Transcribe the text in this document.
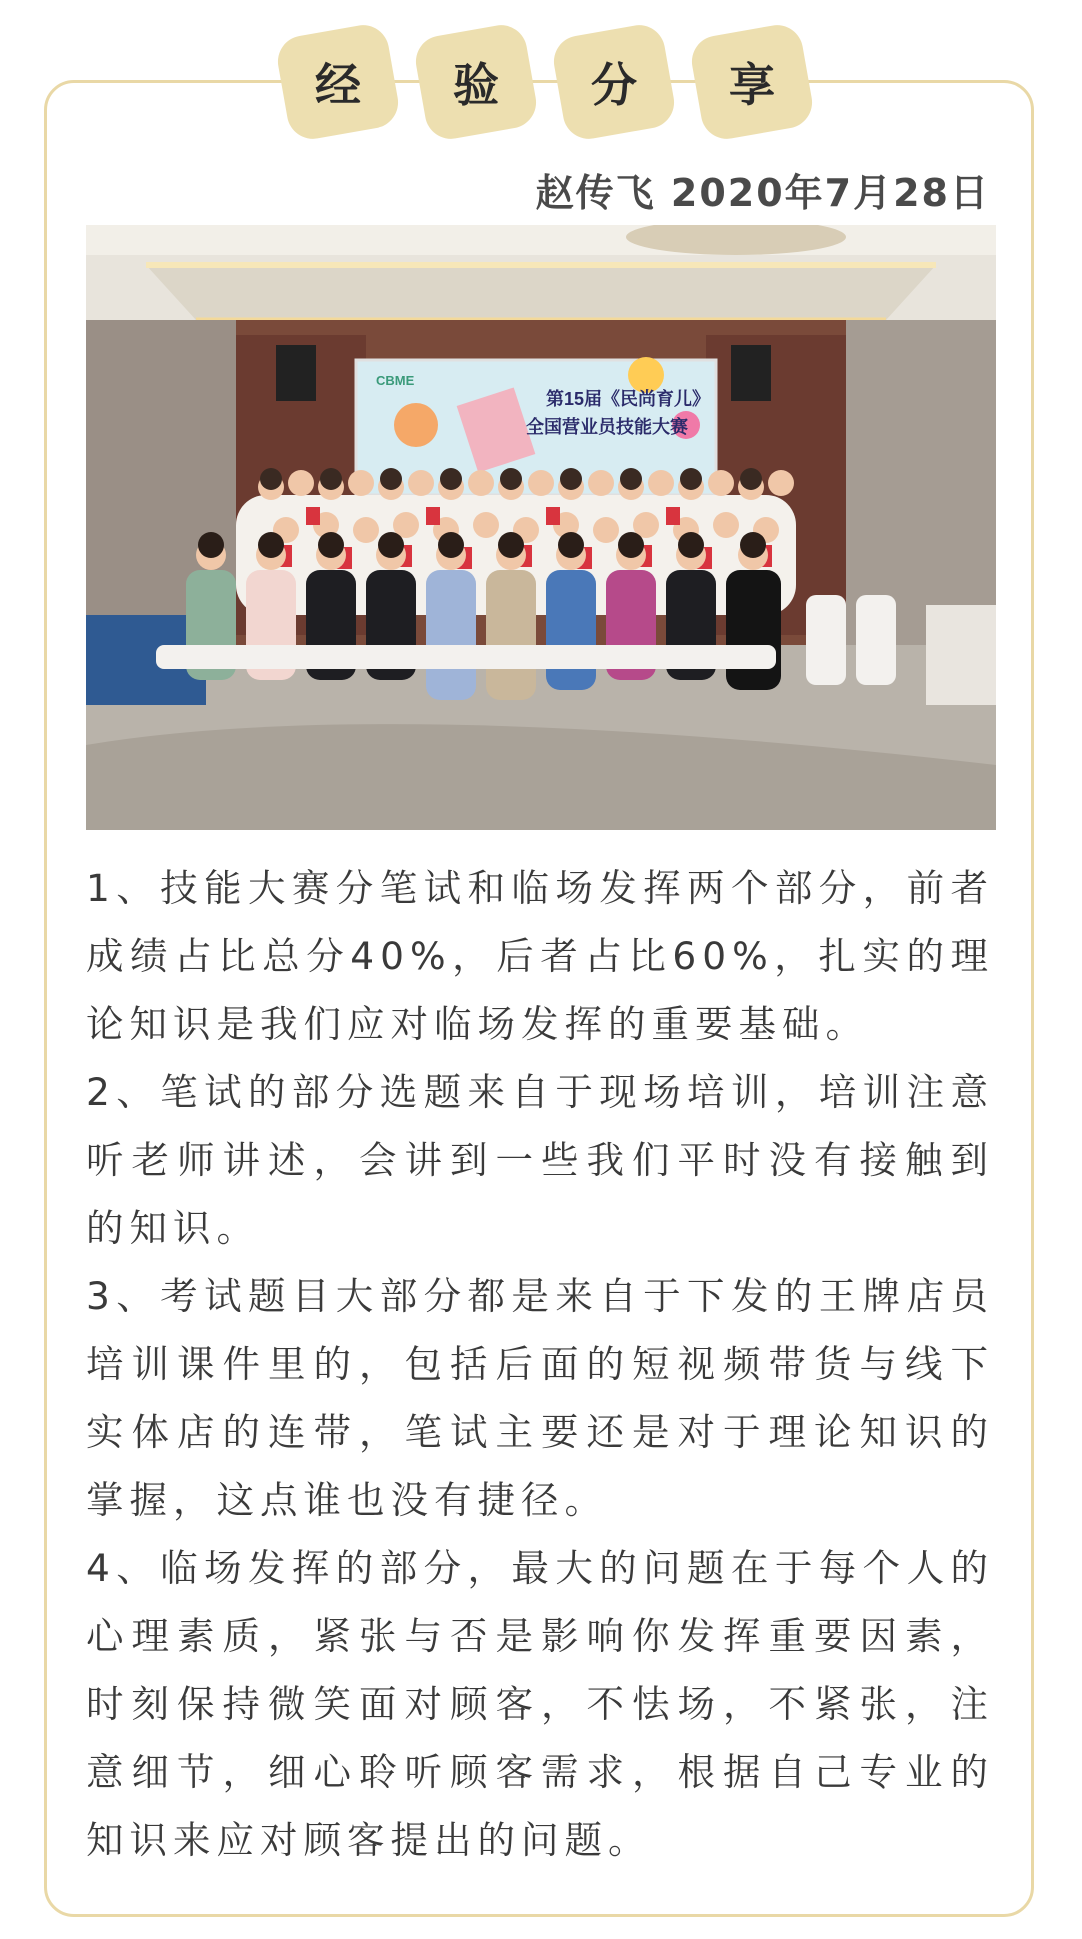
经 验 分 享
赵传飞 2020年7月28日
第15届《民尚育儿》
全国营业员技能大赛
CBME

1、技能大赛分笔试和临场发挥两个部分，前者成绩占比总分40%，后者占比60%，扎实的理论知识是我们应对临场发挥的重要基础。

2、笔试的部分选题来自于现场培训，培训注意听老师讲述，会讲到一些我们平时没有接触到的知识。

3、考试题目大部分都是来自于下发的王牌店员培训课件里的，包括后面的短视频带货与线下实体店的连带，笔试主要还是对于理论知识的掌握，这点谁也没有捷径。

4、临场发挥的部分，最大的问题在于每个人的心理素质，紧张与否是影响你发挥重要因素，时刻保持微笑面对顾客，不怯场，不紧张，注意细节，细心聆听顾客需求，根据自己专业的知识来应对顾客提出的问题。
